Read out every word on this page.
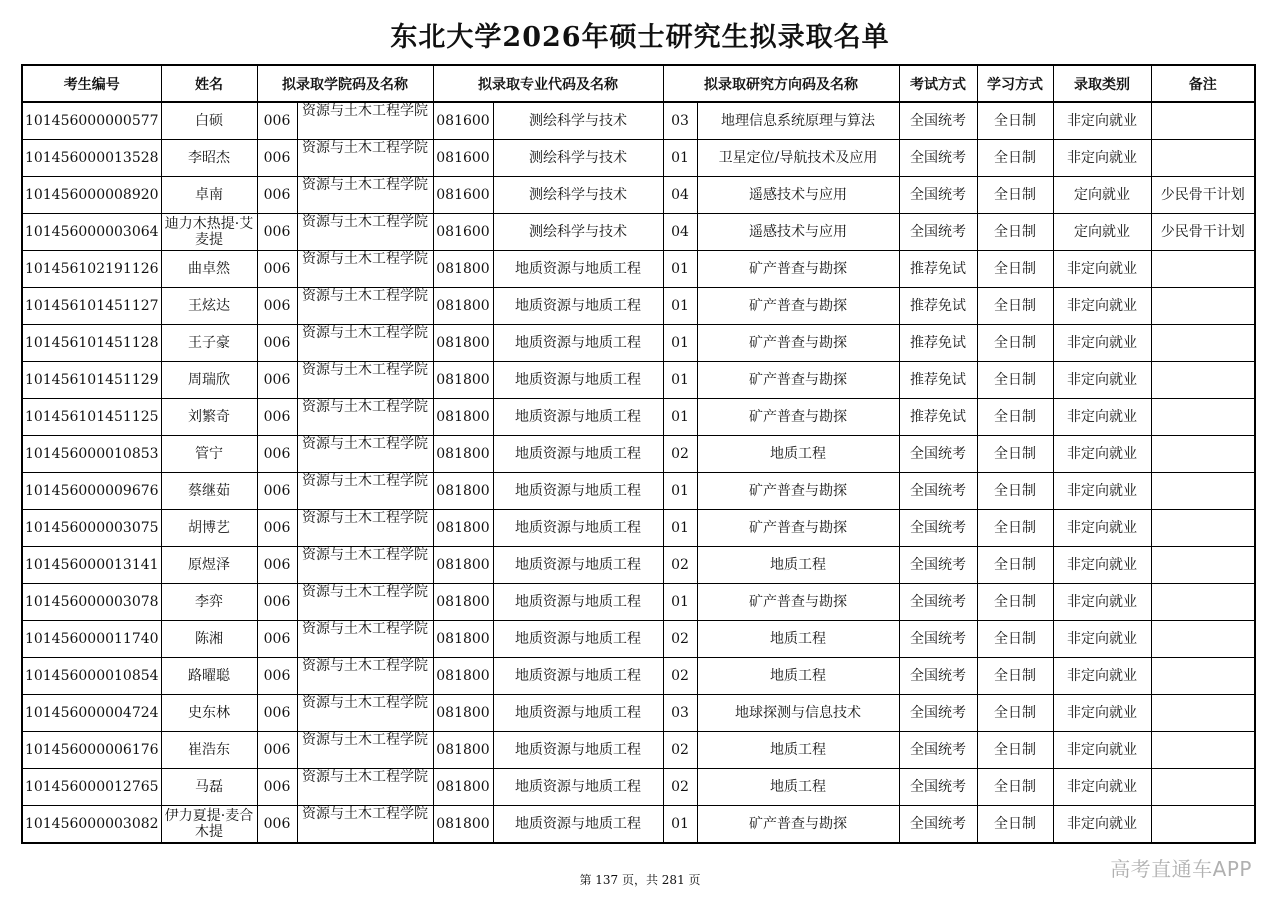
东北大学2026年硕士研究生拟录取名单
考生编号	姓名	拟录取学院码及名称		拟录取专业代码及名称		拟录取研究方向码及名称		考试方式	学习方式	录取类别	备注
101456000000577	白硕	006	资源与土木工程学院	081600	测绘科学与技术	03	地理信息系统原理与算法	全国统考	全日制	非定向就业	
101456000013528	李昭杰	006	资源与土木工程学院	081600	测绘科学与技术	01	卫星定位/导航技术及应用	全国统考	全日制	非定向就业	
101456000008920	卓南	006	资源与土木工程学院	081600	测绘科学与技术	04	遥感技术与应用	全国统考	全日制	定向就业	少民骨干计划
101456000003064	迪力木热提·艾麦提	006	资源与土木工程学院	081600	测绘科学与技术	04	遥感技术与应用	全国统考	全日制	定向就业	少民骨干计划
101456102191126	曲卓然	006	资源与土木工程学院	081800	地质资源与地质工程	01	矿产普查与勘探	推荐免试	全日制	非定向就业	
101456101451127	王炫达	006	资源与土木工程学院	081800	地质资源与地质工程	01	矿产普查与勘探	推荐免试	全日制	非定向就业	
101456101451128	王子豪	006	资源与土木工程学院	081800	地质资源与地质工程	01	矿产普查与勘探	推荐免试	全日制	非定向就业	
101456101451129	周瑞欣	006	资源与土木工程学院	081800	地质资源与地质工程	01	矿产普查与勘探	推荐免试	全日制	非定向就业	
101456101451125	刘繁奇	006	资源与土木工程学院	081800	地质资源与地质工程	01	矿产普查与勘探	推荐免试	全日制	非定向就业	
101456000010853	管宁	006	资源与土木工程学院	081800	地质资源与地质工程	02	地质工程	全国统考	全日制	非定向就业	
101456000009676	蔡继茹	006	资源与土木工程学院	081800	地质资源与地质工程	01	矿产普查与勘探	全国统考	全日制	非定向就业	
101456000003075	胡博艺	006	资源与土木工程学院	081800	地质资源与地质工程	01	矿产普查与勘探	全国统考	全日制	非定向就业	
101456000013141	原煜泽	006	资源与土木工程学院	081800	地质资源与地质工程	02	地质工程	全国统考	全日制	非定向就业	
101456000003078	李弈	006	资源与土木工程学院	081800	地质资源与地质工程	01	矿产普查与勘探	全国统考	全日制	非定向就业	
101456000011740	陈湘	006	资源与土木工程学院	081800	地质资源与地质工程	02	地质工程	全国统考	全日制	非定向就业	
101456000010854	路曜聪	006	资源与土木工程学院	081800	地质资源与地质工程	02	地质工程	全国统考	全日制	非定向就业	
101456000004724	史东林	006	资源与土木工程学院	081800	地质资源与地质工程	03	地球探测与信息技术	全国统考	全日制	非定向就业	
101456000006176	崔浩东	006	资源与土木工程学院	081800	地质资源与地质工程	02	地质工程	全国统考	全日制	非定向就业	
101456000012765	马磊	006	资源与土木工程学院	081800	地质资源与地质工程	02	地质工程	全国统考	全日制	非定向就业	
101456000003082	伊力夏提·麦合木提	006	资源与土木工程学院	081800	地质资源与地质工程	01	矿产普查与勘探	全国统考	全日制	非定向就业	
第 137 页，共 281 页	高考直通车APP
